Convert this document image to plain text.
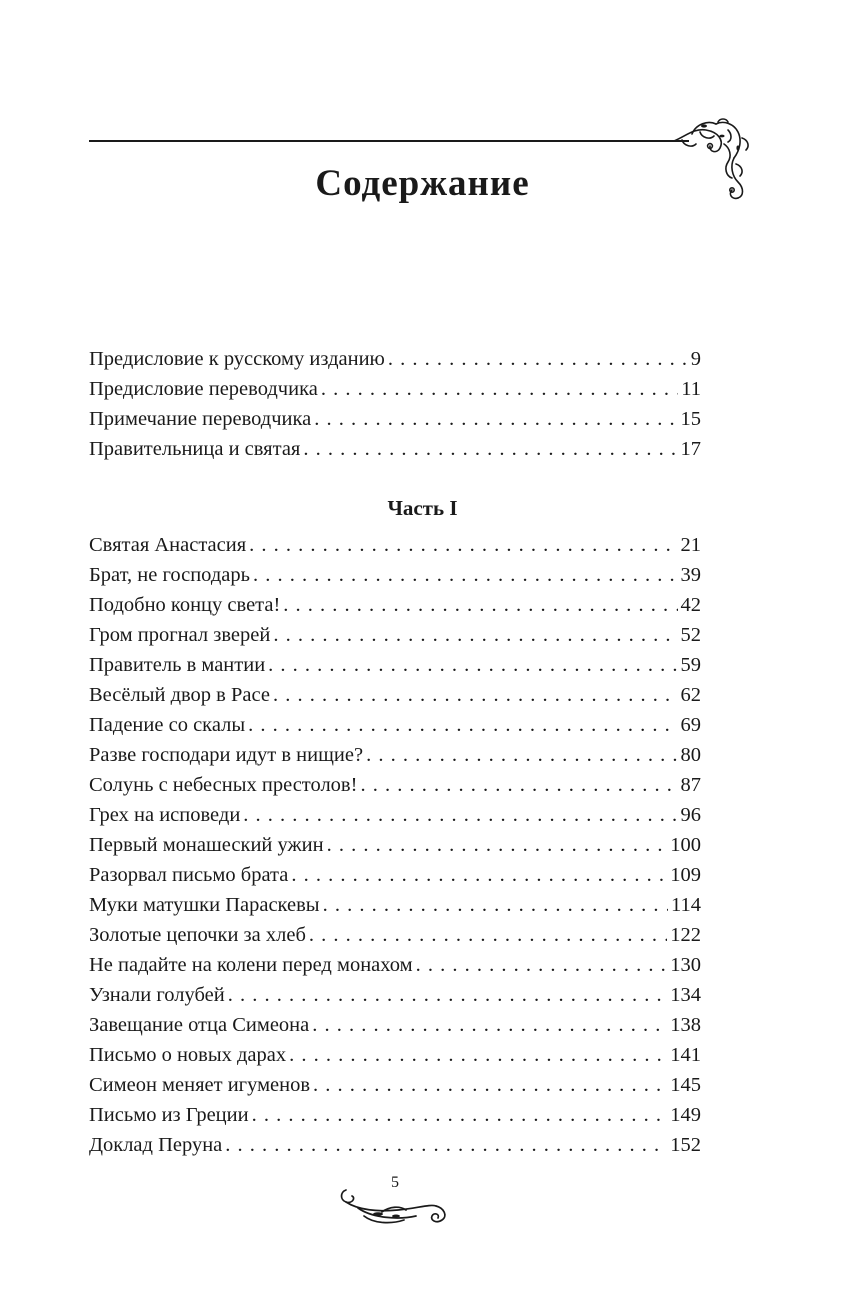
Содержание
Предисловие к русскому изданию . . .	9
Предисловие переводчика . . .	11
Примечание переводчика . . .	15
Правительница и святая . . .	17
Часть I
Святая Анастасия . . .	21
Брат, не господарь . . .	39
Подобно концу света! . . .	42
Гром прогнал зверей . . .	52
Правитель в мантии . . .	59
Весёлый двор в Расе . . .	62
Падение со скалы . . .	69
Разве господари идут в нищие? . . .	80
Солунь с небесных престолов! . . .	87
Грех на исповеди . . .	96
Первый монашеский ужин . . .	100
Разорвал письмо брата . . .	109
Муки матушки Параскевы . . .	114
Золотые цепочки за хлеб . . .	122
Не падайте на колени перед монахом . . .	130
Узнали голубей . . .	134
Завещание отца Симеона . . .	138
Письмо о новых дарах . . .	141
Симеон меняет игуменов . . .	145
Письмо из Греции . . .	149
Доклад Перуна . . .	152
5
